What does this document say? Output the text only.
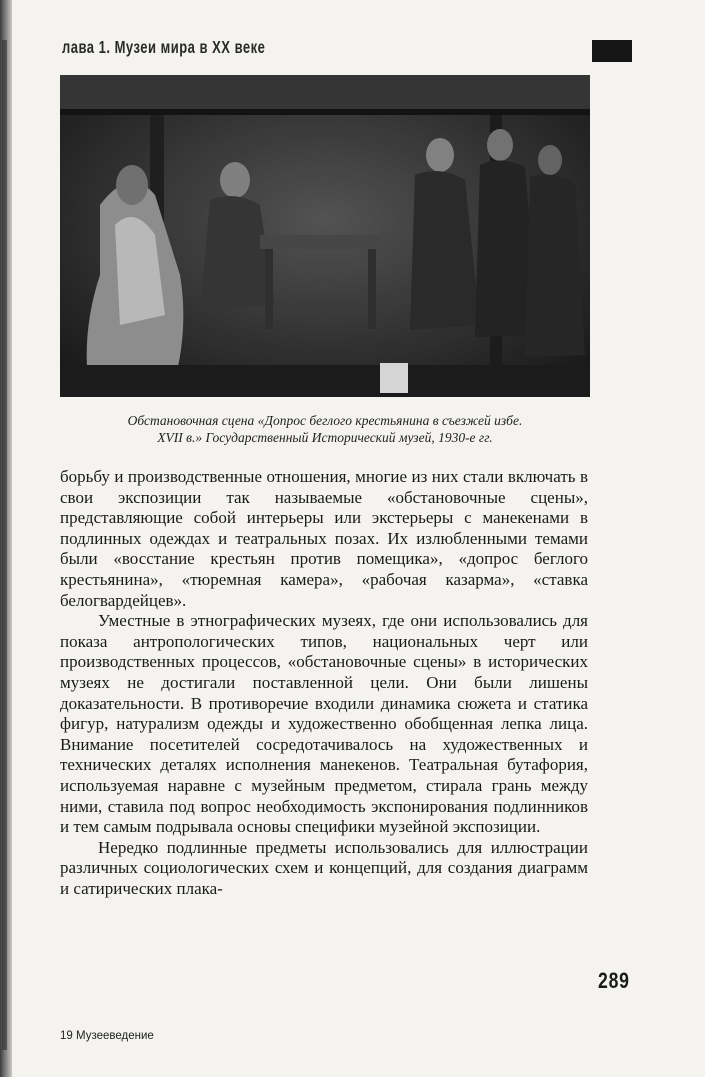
лава 1. Музеи мира в XX веке
Обстановочная сцена «Допрос беглого крестьянина в съезжей избе.
XVII в.» Государственный Исторический музей, 1930-е гг.

борьбу и производственные отношения, многие из них стали включать в свои экспозиции так называемые «обстановочные сцены», представляющие собой интерьеры или экстерьеры с манекенами в подлинных одеждах и театральных позах. Их излюбленными темами были «восстание крестьян против помещика», «допрос беглого крестьянина», «тюремная камера», «рабочая казарма», «ставка белогвардейцев».

Уместные в этнографических музеях, где они использовались для показа антропологических типов, национальных черт или производственных процессов, «обстановочные сцены» в исторических музеях не достигали поставленной цели. Они были лишены доказательности. В противоречие входили динамика сюжета и статика фигур, натурализм одежды и художественно обобщенная лепка лица. Внимание посетителей сосредотачивалось на художественных и технических деталях исполнения манекенов. Театральная бутафория, используемая наравне с музейным предметом, стирала грань между ними, ставила под вопрос необходимость экспонирования подлинников и тем самым подрывала основы специфики музейной экспозиции.

Нередко подлинные предметы использовались для иллюстрации различных социологических схем и концепций, для создания диаграмм и сатирических плака-

289
19 Музееведение
